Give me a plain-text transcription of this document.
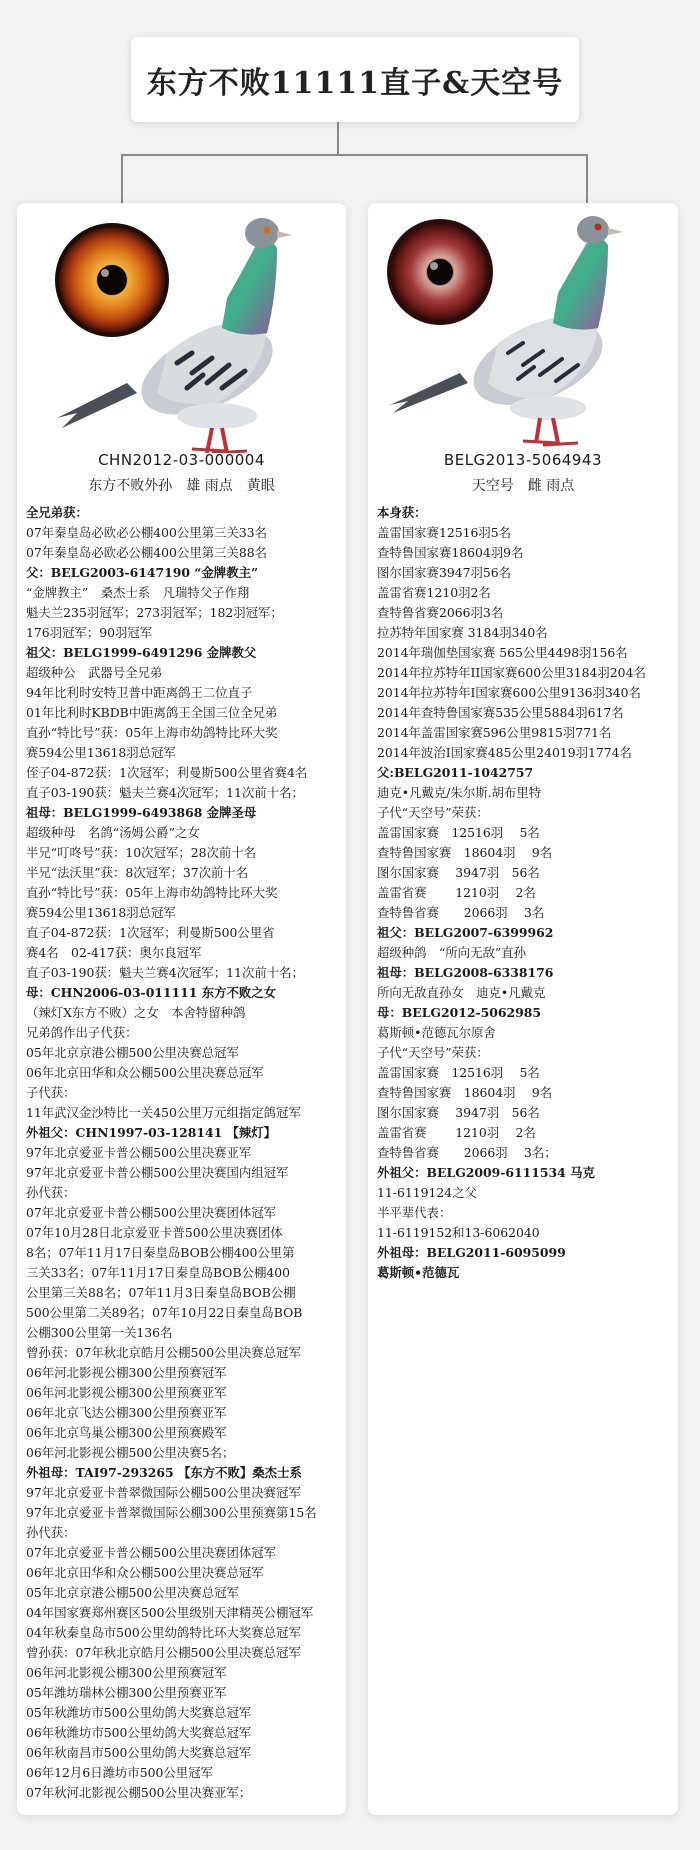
东方不败11111直子&天空号
CHN2012-03-000004
东方不败外孙　雄 雨点　黄眼
全兄弟获：
07年秦皇岛必欧必公棚400公里第三关33名
07年秦皇岛必欧必公棚400公里第三关88名
父：BELG2003-6147190 “金牌教主”
“金牌教主”　桑杰士系　凡瑞特父子作翔
魁夫兰235羽冠军；273羽冠军；182羽冠军；
176羽冠军；90羽冠军
祖父：BELG1999-6491296 金牌教父
超级种公　武器号全兄弟
94年比利时安特卫普中距离鸽王二位直子
01年比利时KBDB中距离鸽王全国三位全兄弟
直孙“特比号”获：05年上海市幼鸽特比环大奖
赛594公里13618羽总冠军
侄子04-872获：1次冠军；利曼斯500公里省赛4名
直子03-190获：魁夫兰赛4次冠军；11次前十名；
祖母：BELG1999-6493868 金牌圣母
超级种母　名鸽“汤姆公爵”之女
半兄“叮咚号”获：10次冠军；28次前十名
半兄“法沃里”获：8次冠军；37次前十名
直孙“特比号”获：05年上海市幼鸽特比环大奖
赛594公里13618羽总冠军
直子04-872获：1次冠军；利曼斯500公里省
赛4名　02-417获：奥尔良冠军
直子03-190获：魁夫兰赛4次冠军；11次前十名；
母：CHN2006-03-011111 东方不败之女
（辣灯X东方不败）之女　本舍特留种鸽
兄弟鸽作出子代获：
05年北京京港公棚500公里决赛总冠军
06年北京田华和众公棚500公里决赛总冠军
子代获：
11年武汉金沙特比一关450公里万元组指定鸽冠军
外祖父：CHN1997-03-128141 【辣灯】
97年北京爱亚卡普公棚500公里决赛亚军
97年北京爱亚卡普公棚500公里决赛国内组冠军
孙代获：
07年北京爱亚卡普公棚500公里决赛团体冠军
07年10月28日北京爱亚卡普500公里决赛团体
8名；07年11月17日秦皇岛BOB公棚400公里第
三关33名；07年11月17日秦皇岛BOB公棚400
公里第三关88名；07年11月3日秦皇岛BOB公棚
500公里第二关89名；07年10月22日秦皇岛BOB
公棚300公里第一关136名
曾孙获：07年秋北京皓月公棚500公里决赛总冠军
06年河北影视公棚300公里预赛冠军
06年河北影视公棚300公里预赛亚军
06年北京飞达公棚300公里预赛亚军
06年北京鸟巢公棚300公里预赛殿军
06年河北影视公棚500公里决赛5名；
外祖母：TAI97-293265 【东方不败】桑杰士系
97年北京爱亚卡普翠微国际公棚500公里决赛冠军
97年北京爱亚卡普翠微国际公棚300公里预赛第15名
孙代获：
07年北京爱亚卡普公棚500公里决赛团体冠军
06年北京田华和众公棚500公里决赛总冠军
05年北京京港公棚500公里决赛总冠军
04年国家赛郑州赛区500公里级别天津精英公棚冠军
04年秋秦皇岛市500公里幼鸽特比环大奖赛总冠军
曾孙获：07年秋北京皓月公棚500公里决赛总冠军
06年河北影视公棚300公里预赛冠军
05年潍坊瑞林公棚300公里预赛亚军
05年秋潍坊市500公里幼鸽大奖赛总冠军
06年秋潍坊市500公里幼鸽大奖赛总冠军
06年秋南昌市500公里幼鸽大奖赛总冠军
06年12月6日潍坊市500公里冠军
07年秋河北影视公棚500公里决赛亚军；
BELG2013-5064943
天空号　雌 雨点
本身获：
盖雷国家赛12516羽5名
查特鲁国家赛18604羽9名
图尔国家赛3947羽56名
盖雷省赛1210羽2名
查特鲁省赛2066羽3名
拉苏特年国家赛 3184羽340名
2014年瑞伽垫国家赛 565公里4498羽156名
2014年拉苏特年II国家赛600公里3184羽204名
2014年拉苏特年I国家赛600公里9136羽340名
2014年查特鲁国家赛535公里5884羽617名
2014年盖雷国家赛596公里9815羽771名
2014年波治I国家赛485公里24019羽1774名
父:BELG2011-1042757
迪克•凡戴克/朱尔斯.胡布里特
子代“天空号”荣获：
盖雷国家赛　12516羽　 5名
查特鲁国家赛　18604羽　 9名
图尔国家赛　 3947羽　56名
盖雷省赛　　 1210羽　 2名
查特鲁省赛　　2066羽　 3名
祖父：BELG2007-6399962
超级种鸽　“所向无敌”直孙
祖母：BELG2008-6338176
所向无敌直孙女　迪克•凡戴克
母：BELG2012-5062985
葛斯顿•范德瓦尔原舍
子代“天空号”荣获：
盖雷国家赛　12516羽　 5名
查特鲁国家赛　18604羽　 9名
图尔国家赛　 3947羽　56名
盖雷省赛　　 1210羽　 2名
查特鲁省赛　　2066羽　 3名；
外祖父：BELG2009-6111534 马克
11-6119124之父
半平辈代表：
11-6119152和13-6062040
外祖母：BELG2011-6095099
葛斯顿•范德瓦
